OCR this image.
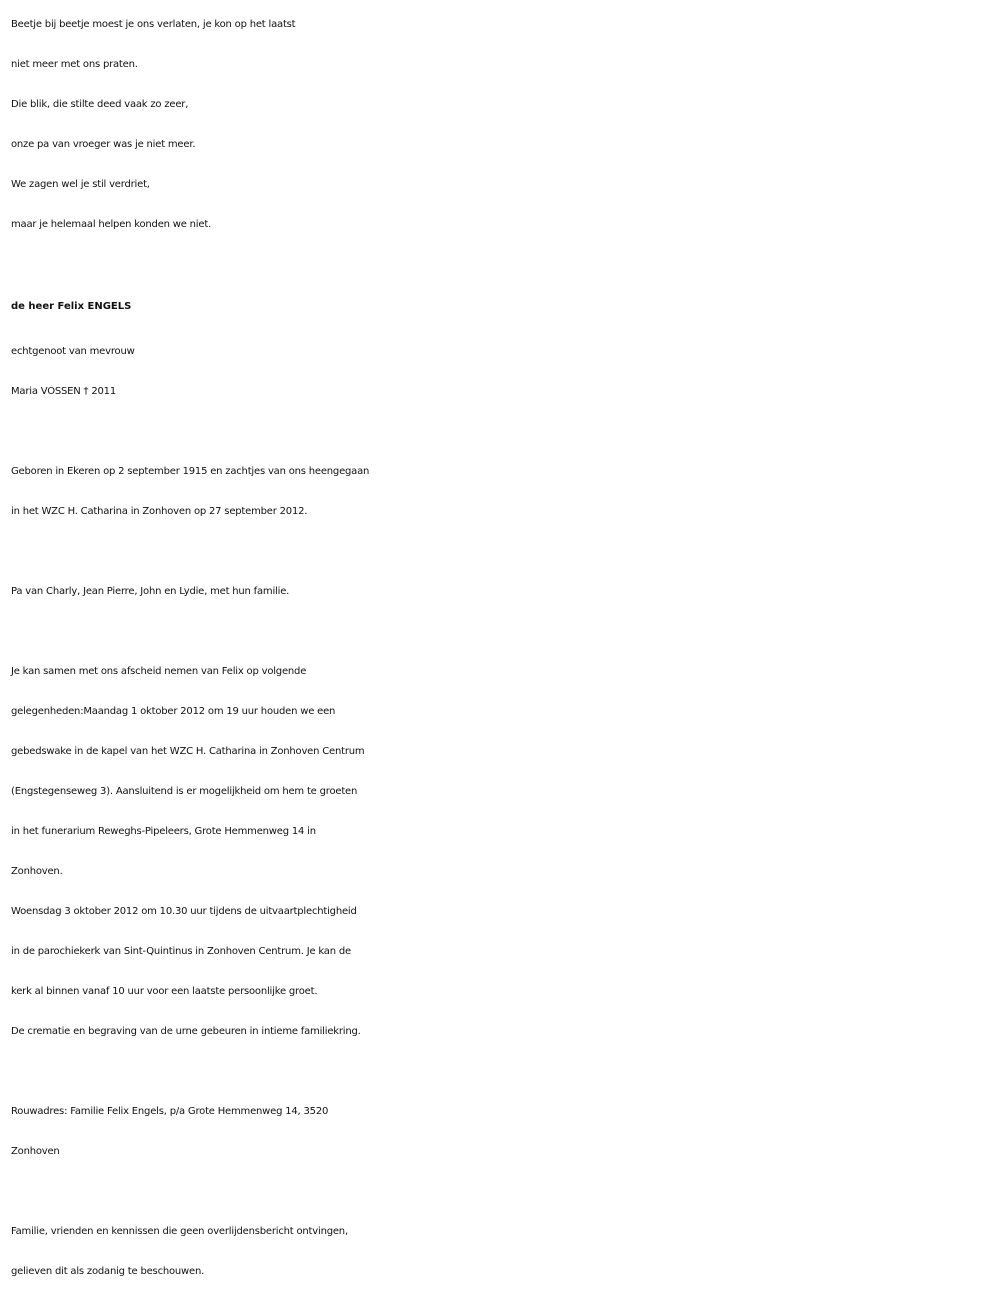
Beetje bij beetje moest je ons verlaten, je kon op het laatst
niet meer met ons praten.
Die blik, die stilte deed vaak zo zeer,
onze pa van vroeger was je niet meer.
We zagen wel je stil verdriet,
maar je helemaal helpen konden we niet.
de heer Felix ENGELS
echtgenoot van mevrouw
Maria VOSSEN † 2011
Geboren in Ekeren op 2 september 1915 en zachtjes van ons heengegaan
in het WZC H. Catharina in Zonhoven op 27 september 2012.
Pa van Charly, Jean Pierre, John en Lydie, met hun familie.
Je kan samen met ons afscheid nemen van Felix op volgende
gelegenheden:Maandag 1 oktober 2012 om 19 uur houden we een
gebedswake in de kapel van het WZC H. Catharina in Zonhoven Centrum
(Engstegenseweg 3). Aansluitend is er mogelijkheid om hem te groeten
in het funerarium Reweghs-Pipeleers, Grote Hemmenweg 14 in
Zonhoven.
Woensdag 3 oktober 2012 om 10.30 uur tijdens de uitvaartplechtigheid
in de parochiekerk van Sint-Quintinus in Zonhoven Centrum. Je kan de
kerk al binnen vanaf 10 uur voor een laatste persoonlijke groet.
De crematie en begraving van de urne gebeuren in intieme familiekring.
Rouwadres: Familie Felix Engels, p/a Grote Hemmenweg 14, 3520
Zonhoven
Familie, vrienden en kennissen die geen overlijdensbericht ontvingen,
gelieven dit als zodanig te beschouwen.
